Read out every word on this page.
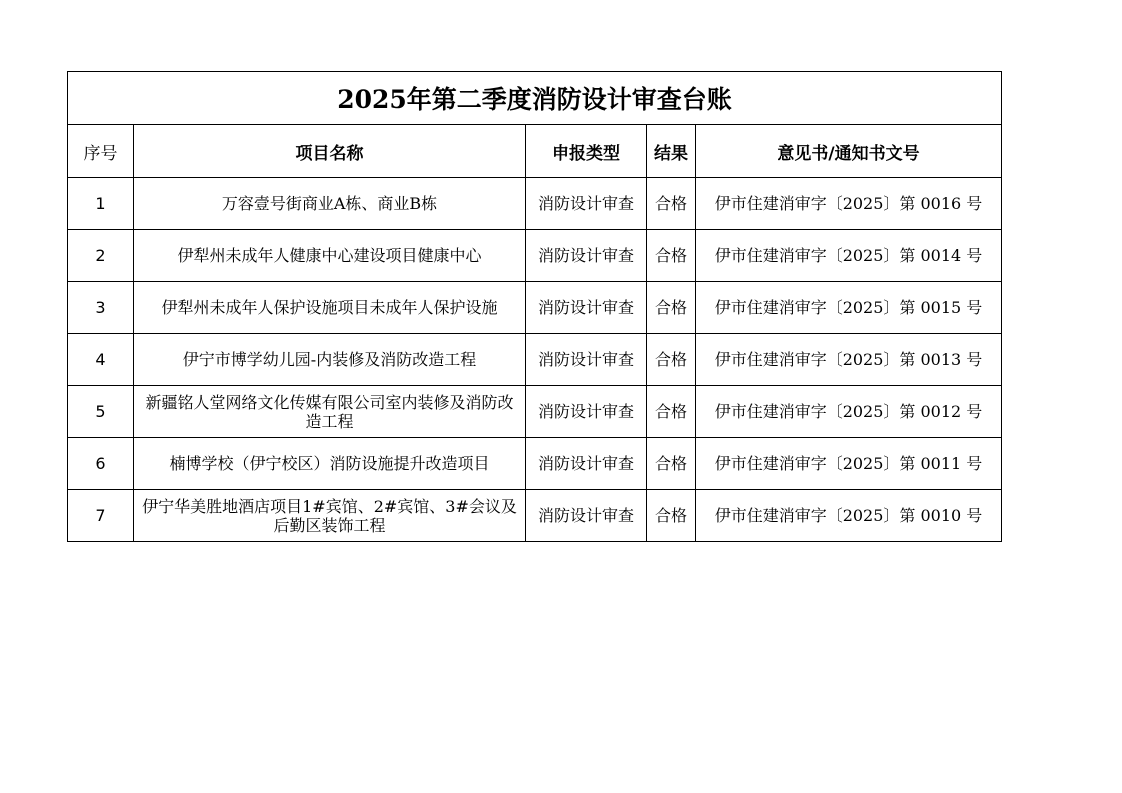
2025年第二季度消防设计审查台账				
序号	项目名称	申报类型	结果	意见书/通知书文号
1	万容壹号街商业A栋、商业B栋	消防设计审查	合格	伊市住建消审字〔2025〕第 0016 号
2	伊犁州未成年人健康中心建设项目健康中心	消防设计审查	合格	伊市住建消审字〔2025〕第 0014 号
3	伊犁州未成年人保护设施项目未成年人保护设施	消防设计审查	合格	伊市住建消审字〔2025〕第 0015 号
4	伊宁市博学幼儿园-内装修及消防改造工程	消防设计审查	合格	伊市住建消审字〔2025〕第 0013 号
5	新疆铭人堂网络文化传媒有限公司室内装修及消防改造工程	消防设计审查	合格	伊市住建消审字〔2025〕第 0012 号
6	楠博学校（伊宁校区）消防设施提升改造项目	消防设计审查	合格	伊市住建消审字〔2025〕第 0011 号
7	伊宁华美胜地酒店项目1#宾馆、2#宾馆、3#会议及后勤区装饰工程	消防设计审查	合格	伊市住建消审字〔2025〕第 0010 号
